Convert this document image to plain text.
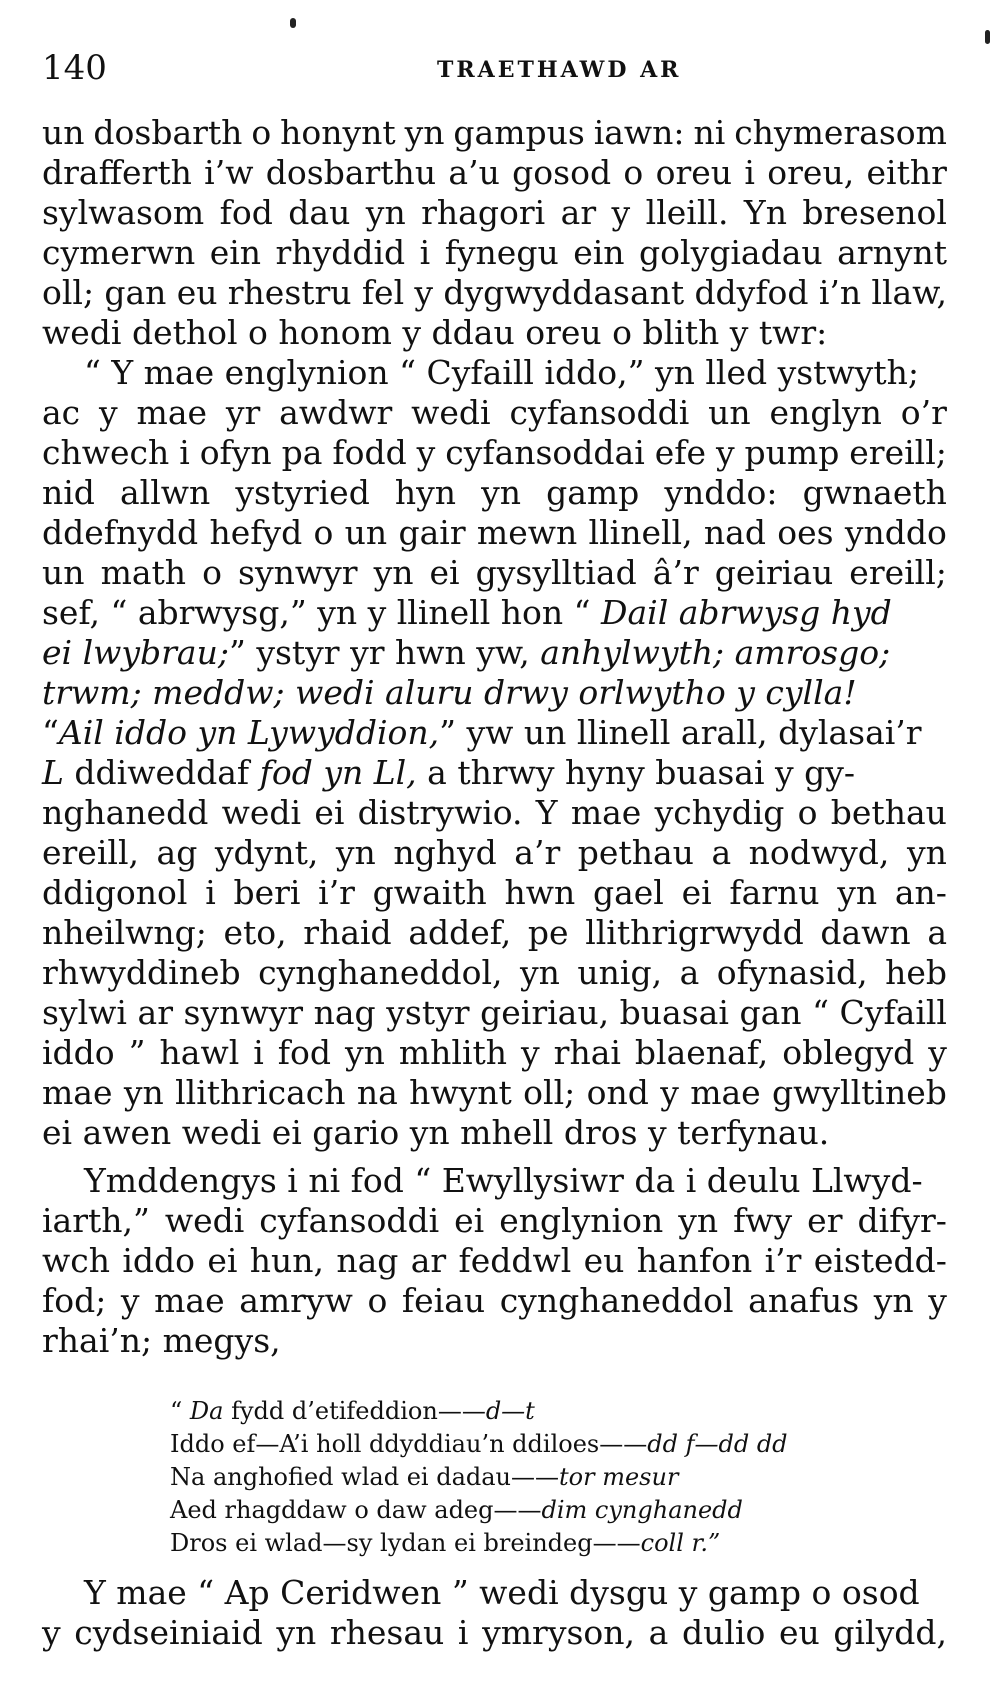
140	TRAETHAWD AR
un dosbarth o honynt yn gampus iawn: ni chymerasom
drafferth i’w dosbarthu a’u gosod o oreu i oreu, eithr
sylwasom fod dau yn rhagori ar y lleill. Yn bresenol
cymerwn ein rhyddid i fynegu ein golygiadau arnynt
oll; gan eu rhestru fel y dygwyddasant ddyfod i’n llaw,
wedi dethol o honom y ddau oreu o blith y twr:
“ Y mae englynion “ Cyfaill iddo,” yn lled ystwyth;
ac y mae yr awdwr wedi cyfansoddi un englyn o’r
chwech i ofyn pa fodd y cyfansoddai efe y pump ereill;
nid allwn ystyried hyn yn gamp ynddo: gwnaeth
ddefnydd hefyd o un gair mewn llinell, nad oes ynddo
un math o synwyr yn ei gysylltiad â’r geiriau ereill;
sef, “ abrwysg,” yn y llinell hon “ Dail abrwysg hyd
ei lwybrau;” ystyr yr hwn yw, anhylwyth; amrosgo;
trwm; meddw; wedi aluru drwy orlwytho y cylla!
“Ail iddo yn Lywyddion,” yw un llinell arall, dylasai’r
L ddiweddaf fod yn Ll, a thrwy hyny buasai y gy-
nghanedd wedi ei distrywio. Y mae ychydig o bethau
ereill, ag ydynt, yn nghyd a’r pethau a nodwyd, yn
ddigonol i beri i’r gwaith hwn gael ei farnu yn an-
nheilwng; eto, rhaid addef, pe llithrigrwydd dawn a
rhwyddineb cynghaneddol, yn unig, a ofynasid, heb
sylwi ar synwyr nag ystyr geiriau, buasai gan “ Cyfaill
iddo ” hawl i fod yn mhlith y rhai blaenaf, oblegyd y
mae yn llithricach na hwynt oll; ond y mae gwylltineb
ei awen wedi ei gario yn mhell dros y terfynau.
Ymddengys i ni fod “ Ewyllysiwr da i deulu Llwyd-
iarth,” wedi cyfansoddi ei englynion yn fwy er difyr-
wch iddo ei hun, nag ar feddwl eu hanfon i’r eistedd-
fod; y mae amryw o feiau cynghaneddol anafus yn y
rhai’n; megys,
“ Da fydd d’etifeddion——d—t
Iddo ef—A’i holl ddyddiau’n ddiloes——dd f—dd dd
Na anghofied wlad ei dadau——tor mesur
Aed rhagddaw o daw adeg——dim cynghanedd
Dros ei wlad—sy lydan ei breindeg——coll r.”
Y mae “ Ap Ceridwen ” wedi dysgu y gamp o osod
y cydseiniaid yn rhesau i ymryson, a dulio eu gilydd,
